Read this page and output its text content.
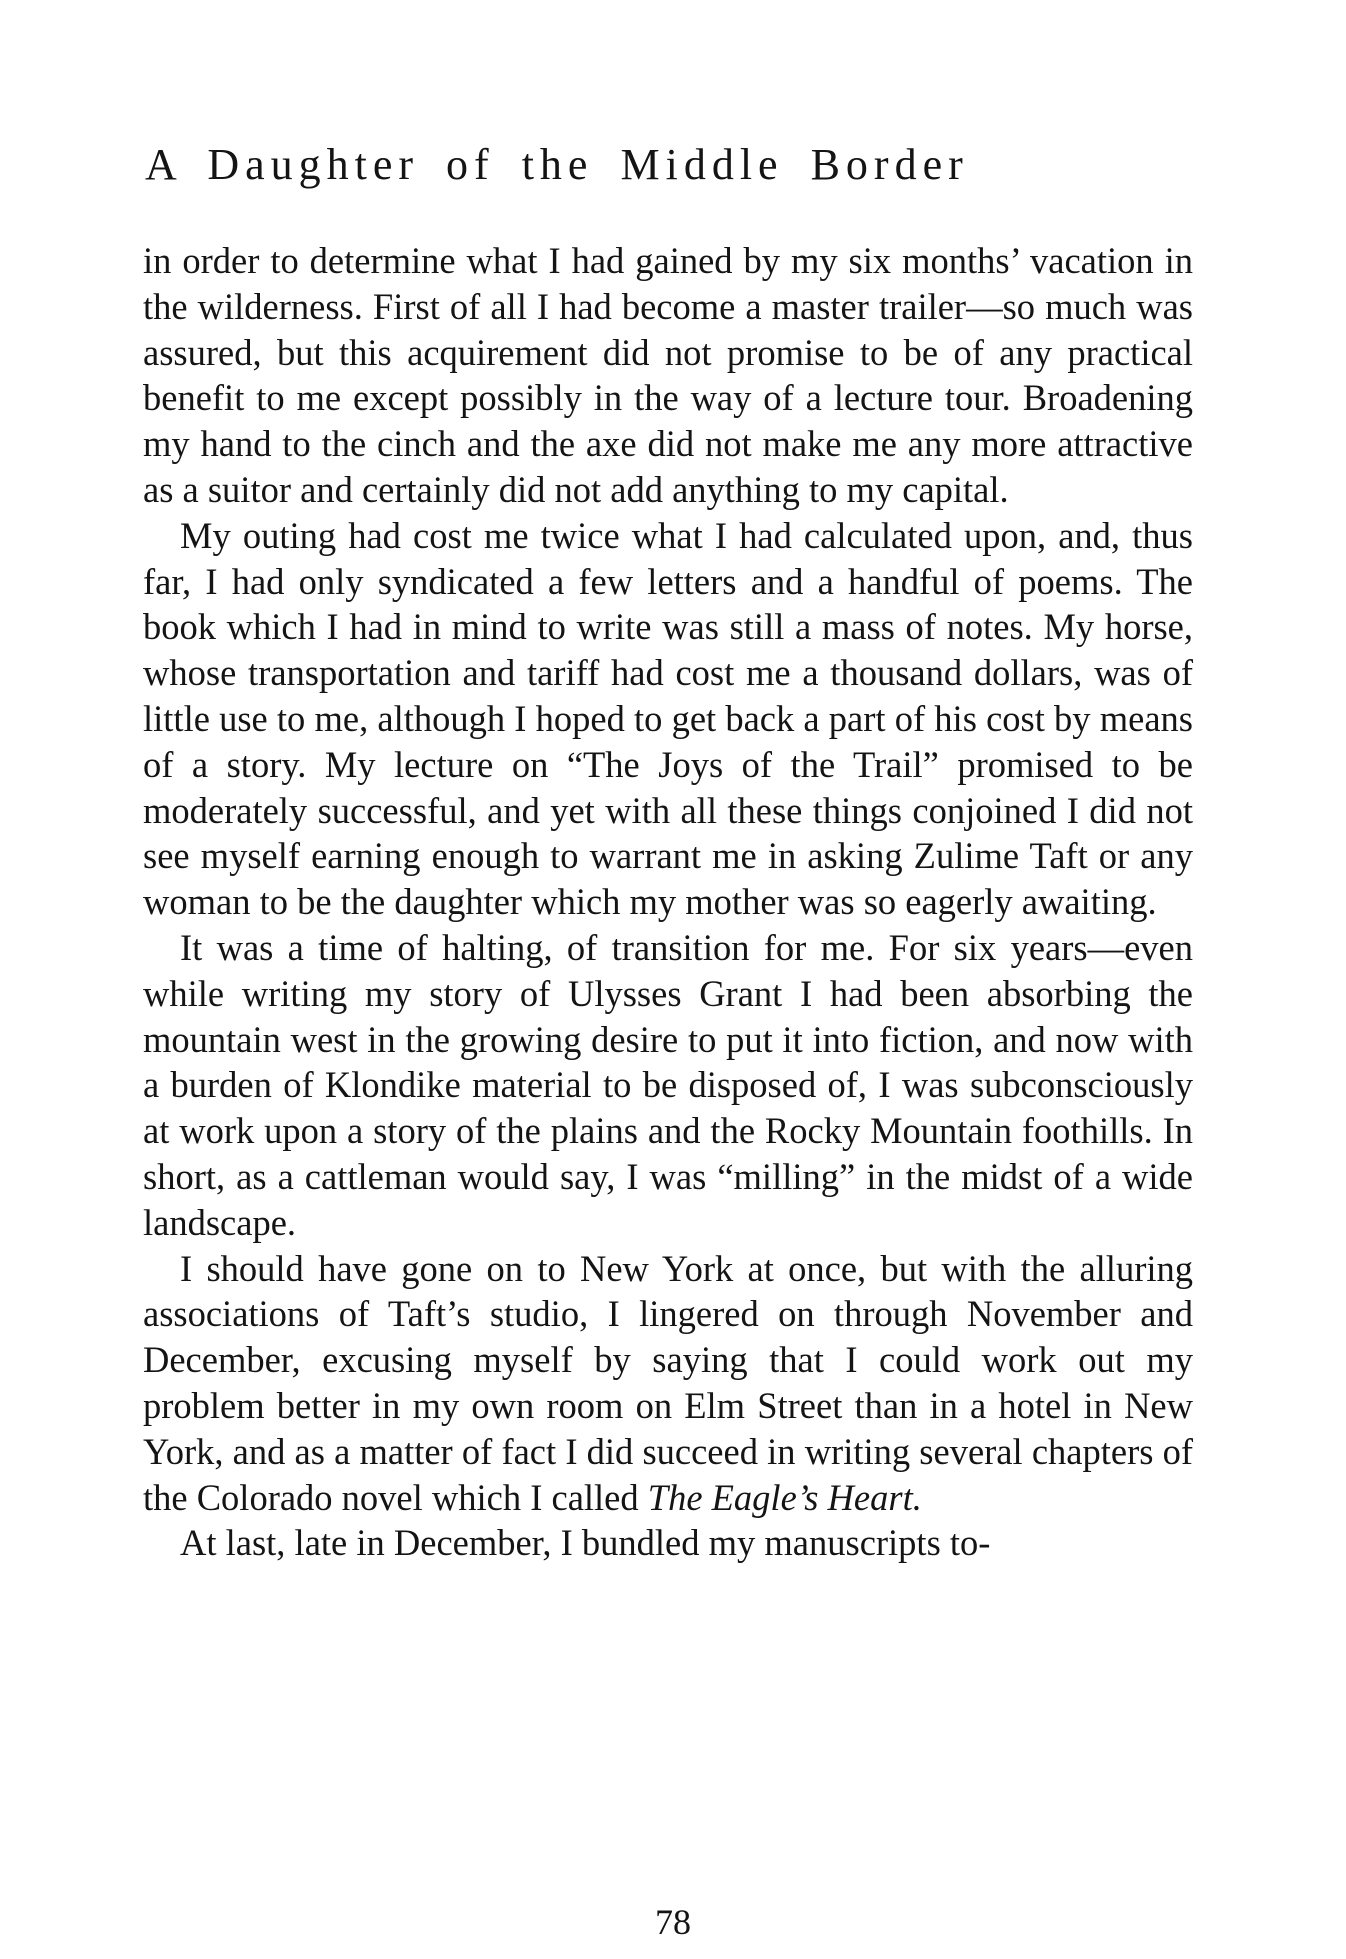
A Daughter of the Middle Border

in order to determine what I had gained by my six months’ vacation in the wilderness. First of all I had become a master trailer—so much was assured, but this acquirement did not promise to be of any practical benefit to me except possibly in the way of a lecture tour. Broadening my hand to the cinch and the axe did not make me any more attractive as a suitor and certainly did not add anything to my capital.

My outing had cost me twice what I had calculated upon, and, thus far, I had only syndicated a few letters and a handful of poems. The book which I had in mind to write was still a mass of notes. My horse, whose transportation and tariff had cost me a thousand dollars, was of little use to me, although I hoped to get back a part of his cost by means of a story. My lecture on “The Joys of the Trail” promised to be moderately successful, and yet with all these things conjoined I did not see myself earning enough to warrant me in asking Zulime Taft or any woman to be the daughter which my mother was so eagerly awaiting.

It was a time of halting, of transition for me. For six years—even while writing my story of Ulysses Grant I had been absorbing the mountain west in the growing desire to put it into fiction, and now with a burden of Klondike material to be disposed of, I was subconsciously at work upon a story of the plains and the Rocky Mountain foothills. In short, as a cattleman would say, I was “milling” in the midst of a wide landscape.

I should have gone on to New York at once, but with the alluring associations of Taft’s studio, I lingered on through November and December, excusing myself by saying that I could work out my problem better in my own room on Elm Street than in a hotel in New York, and as a matter of fact I did succeed in writing several chapters of the Colorado novel which I called The Eagle’s Heart.

At last, late in December, I bundled my manuscripts to-

78
